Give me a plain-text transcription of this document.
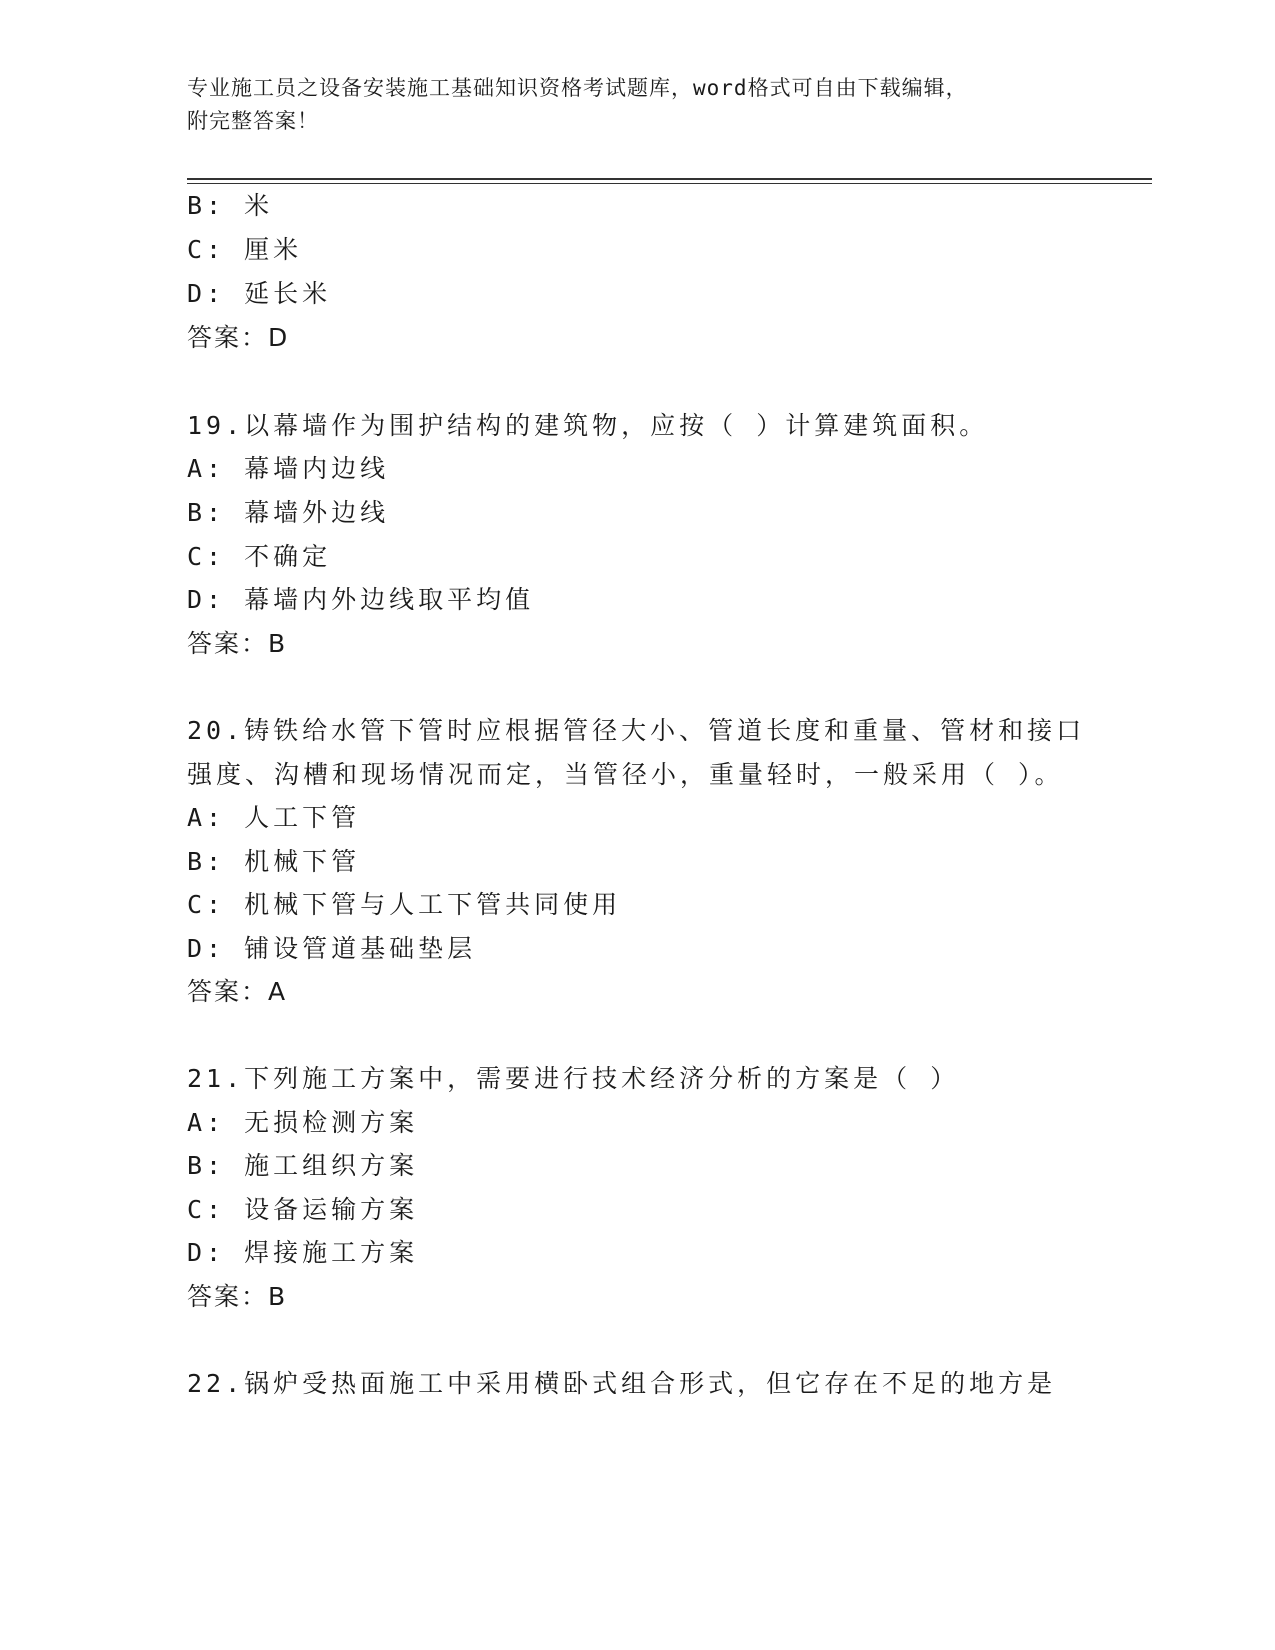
专业施工员之设备安装施工基础知识资格考试题库，word格式可自由下载编辑，
附完整答案！
B: 米
C: 厘米
D: 延长米
答案：D
19.以幕墙作为围护结构的建筑物，应按（ ）计算建筑面积。
A: 幕墙内边线
B: 幕墙外边线
C: 不确定
D: 幕墙内外边线取平均值
答案：B
20.铸铁给水管下管时应根据管径大小、管道长度和重量、管材和接口
强度、沟槽和现场情况而定，当管径小，重量轻时，一般采用（ ）。
A: 人工下管
B: 机械下管
C: 机械下管与人工下管共同使用
D: 铺设管道基础垫层
答案：A
21.下列施工方案中，需要进行技术经济分析的方案是（ ）
A: 无损检测方案
B: 施工组织方案
C: 设备运输方案
D: 焊接施工方案
答案：B
22.锅炉受热面施工中采用横卧式组合形式，但它存在不足的地方是
